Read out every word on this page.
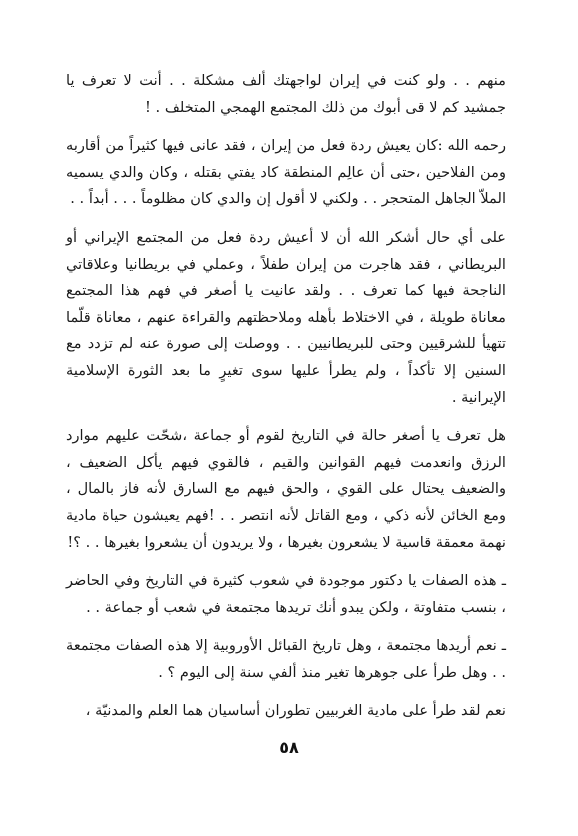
منهم . . ولو كنت في إيران لواجهتك ألف مشكلة . . أنت لا تعرف يا جمشيد كم لا قى أبوك من ذلك المجتمع الهمجي المتخلف . !

رحمه الله :كان يعيش ردة فعل من إيران ، فقد عانى فيها كثيراً من أقاربه ومن الفلاحين ،حتى أن عالِم المنطقة كاد يفتي بقتله ، وكان والدي يسميه الملاّ الجاهل المتحجر . . ولكني لا أقول إن والدي كان مظلوماً . . . أبداً . .

على أي حال أشكر الله أن لا أعيش ردة فعل من المجتمع الإيراني أو البريطاني ، فقد هاجرت من إيران طفلاً ، وعملي في بريطانيا وعلاقاتي الناجحة فيها كما تعرف . . ولقد عانيت يا أصغر في فهم هذا المجتمع معاناة طويلة ، في الاختلاط بأهله وملاحظتهم والقراءة عنهم ، معاناة قلّما تتهيأ للشرقيين وحتى للبريطانيين . . ووصلت إلى صورة عنه لم تزدد مع السنين إلا تأكداً ، ولم يطرأ عليها سوى تغيرٍ ما بعد الثورة الإسلامية الإيرانية .

هل تعرف يا أصغر حالة في التاريخ لقوم أو جماعة ،شحّت عليهم موارد الرزق وانعدمت فيهم القوانين والقيم ، فالقوي فيهم يأكل الضعيف ، والضعيف يحتال على القوي ، والحق فيهم مع السارق لأنه فاز بالمال ، ومع الخائن لأنه ذكي ، ومع القاتل لأنه انتصر . . !فهم يعيشون حياة مادية نهمة معمقة قاسية لا يشعرون بغيرها ، ولا يريدون أن يشعروا بغيرها . . ؟!

ـ هذه الصفات يا دكتور موجودة في شعوب كثيرة في التاريخ وفي الحاضر ، بنسب متفاوتة ، ولكن يبدو أنك تريدها مجتمعة في شعب أو جماعة . .

ـ نعم أريدها مجتمعة ، وهل تاريخ القبائل الأوروبية إلا هذه الصفات مجتمعة . . وهل طرأ على جوهرها تغير منذ ألفي سنة إلى اليوم ؟ .

نعم لقد طرأ على مادية الغربيين تطوران أساسيان هما العلم والمدنيّة ،

٥٨
